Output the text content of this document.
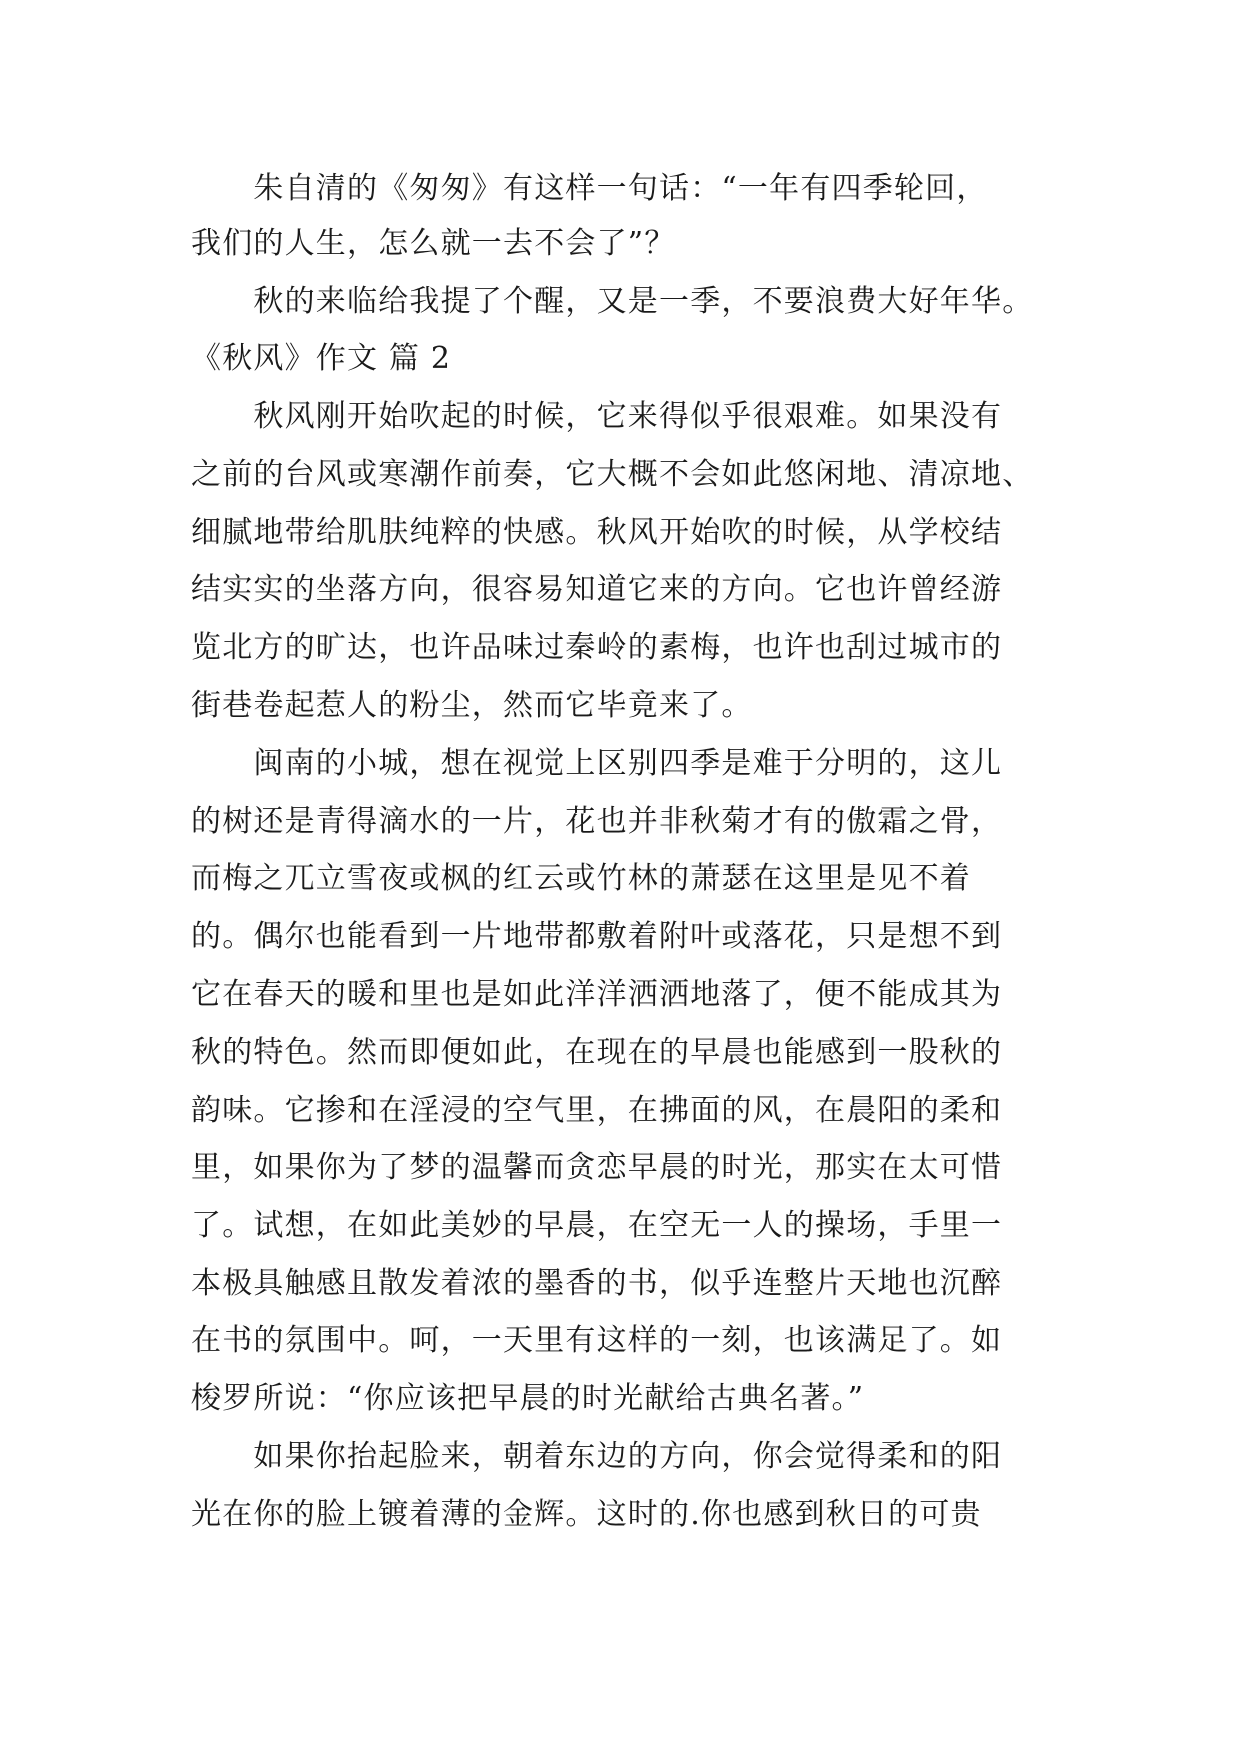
　　朱自清的《匆匆》有这样一句话：“一年有四季轮回，
我们的人生，怎么就一去不会了”？
　　秋的来临给我提了个醒，又是一季，不要浪费大好年华。
《秋风》作文 篇 2
　　秋风刚开始吹起的时候，它来得似乎很艰难。如果没有
之前的台风或寒潮作前奏，它大概不会如此悠闲地、清凉地、
细腻地带给肌肤纯粹的快感。秋风开始吹的时候，从学校结
结实实的坐落方向，很容易知道它来的方向。它也许曾经游
览北方的旷达，也许品味过秦岭的素梅，也许也刮过城市的
街巷卷起惹人的粉尘，然而它毕竟来了。
　　闽南的小城，想在视觉上区别四季是难于分明的，这儿
的树还是青得滴水的一片，花也并非秋菊才有的傲霜之骨，
而梅之兀立雪夜或枫的红云或竹林的萧瑟在这里是见不着
的。偶尔也能看到一片地带都敷着附叶或落花，只是想不到
它在春天的暖和里也是如此洋洋洒洒地落了，便不能成其为
秋的特色。然而即便如此，在现在的早晨也能感到一股秋的
韵味。它掺和在淫浸的空气里，在拂面的风，在晨阳的柔和
里，如果你为了梦的温馨而贪恋早晨的时光，那实在太可惜
了。试想，在如此美妙的早晨，在空无一人的操场，手里一
本极具触感且散发着浓的墨香的书，似乎连整片天地也沉醉
在书的氛围中。呵，一天里有这样的一刻，也该满足了。如
梭罗所说：“你应该把早晨的时光献给古典名著。”
　　如果你抬起脸来，朝着东边的方向，你会觉得柔和的阳
光在你的脸上镀着薄的金辉。这时的.你也感到秋日的可贵
